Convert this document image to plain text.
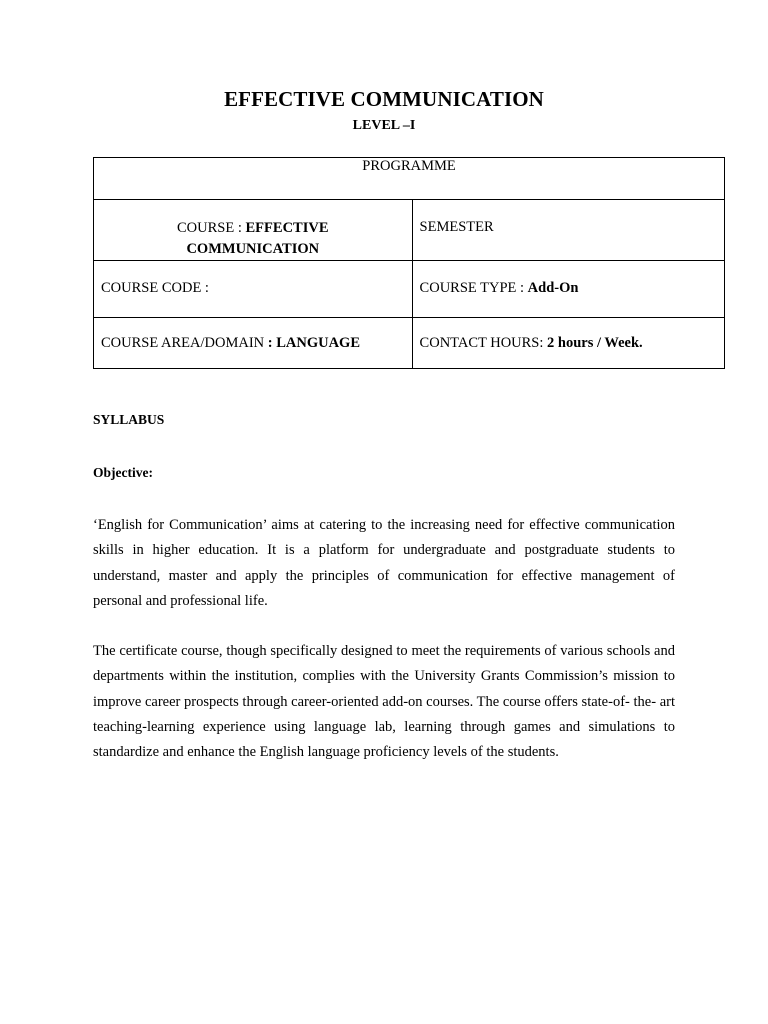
EFFECTIVE COMMUNICATION
LEVEL –I
PROGRAMME	

COURSE : EFFECTIVE
COMMUNICATION	SEMESTER

COURSE CODE :	COURSE TYPE : Add-On

COURSE AREA/DOMAIN : LANGUAGE	CONTACT HOURS: 2 hours / Week.
SYLLABUS
Objective:
‘English for Communication’ aims at catering to the increasing need for effective communication skills in higher education. It is a platform for undergraduate and postgraduate students to understand, master and apply the principles of communication for effective management of personal and professional life.
The certificate course, though specifically designed to meet the requirements of various schools and departments within the institution, complies with the University Grants Commission’s mission to improve career prospects through career-oriented add-on courses. The course offers state-of- the- art teaching-learning experience using language lab, learning through games and simulations to standardize and enhance the English language proficiency levels of the students.
